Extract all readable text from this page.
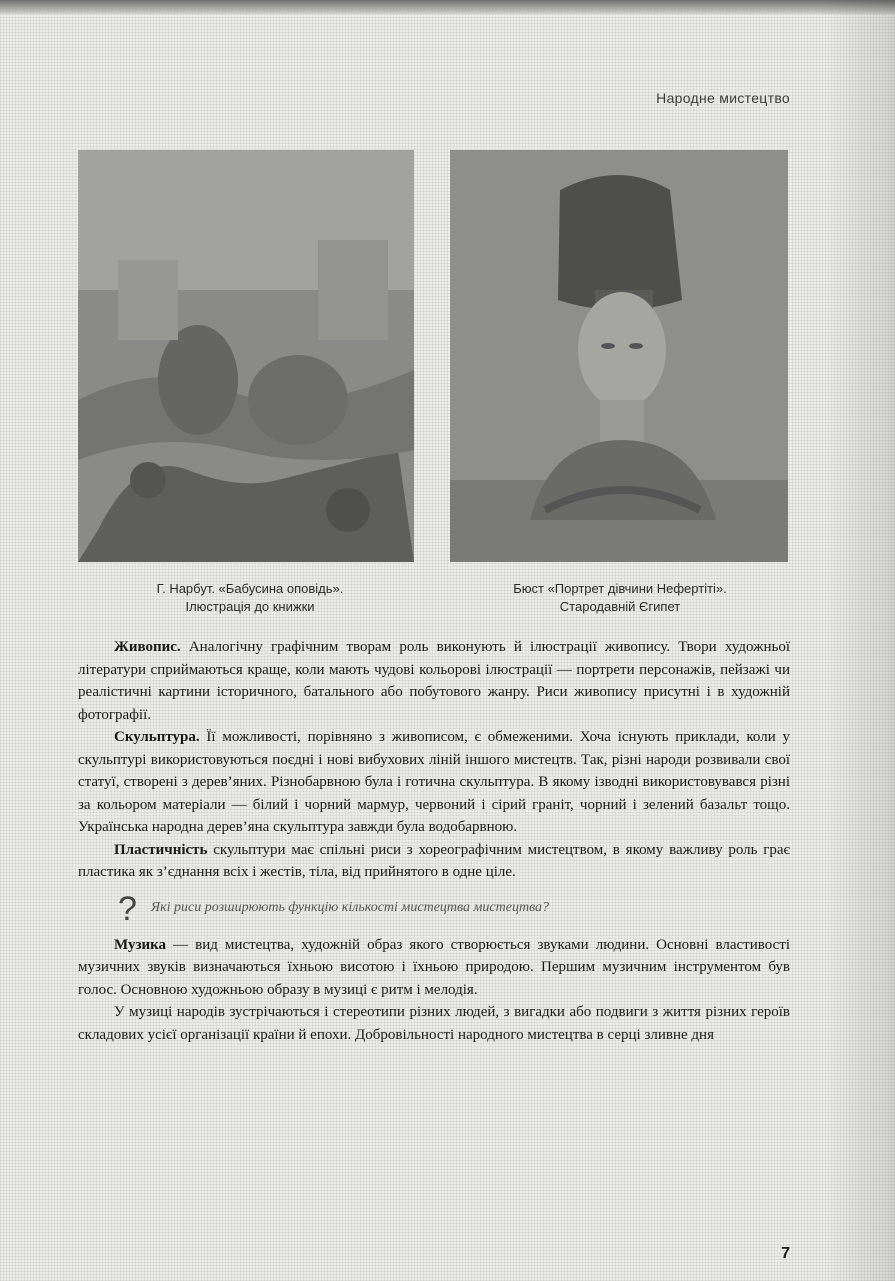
Народне мистецтво
Г. Нарбут. «Бабусина оповідь».
Ілюстрація до книжки
Бюст «Портрет дівчини Нефертіті».
Стародавній Єгипет

Живопис. Аналогічну графічним творам роль виконують й ілюстрації живопису. Твори художньої літератури сприймаються краще, коли мають чудові кольорові ілюстрації — портрети персонажів, пейзажі чи реалістичні картини історичного, батального або побутового жанру. Риси живопису присутні і в художній фотографії.

Скульптура. Її можливості, порівняно з живописом, є обмеженими. Хоча існують приклади, коли у скульптурі використовуються поєдні і нові вибухових ліній іншого мистецтв. Так, різні народи розвивали свої статуї, створені з дерев’яних. Різнобарвною була і готична скульптура. В якому ізводні використовувався різні за кольором матеріали — білий і чорний мармур, червоний і сірий граніт, чорний і зелений базальт тощо. Українська народна дерев’яна скульптура завжди була водобарвною.

Пластичність скульптури має спільні риси з хореографічним мистецтвом, в якому важливу роль грає пластика як з’єднання всіх і жестів, тіла, від прийнятого в одне ціле.

? Які риси розширюють функцію кількості мистецтва мистецтва?

Музика — вид мистецтва, художній образ якого створюється звуками людини. Основні властивості музичних звуків визначаються їхньою висотою і їхньою природою. Першим музичним інструментом був голос. Основною художньою образу в музиці є ритм і мелодія.

У музиці народів зустрічаються і стереотипи різних людей, з вигадки або подвиги з життя різних героїв складових усієї організації країни й епохи. Добровільності народного мистецтва в серці зливне дня

7
